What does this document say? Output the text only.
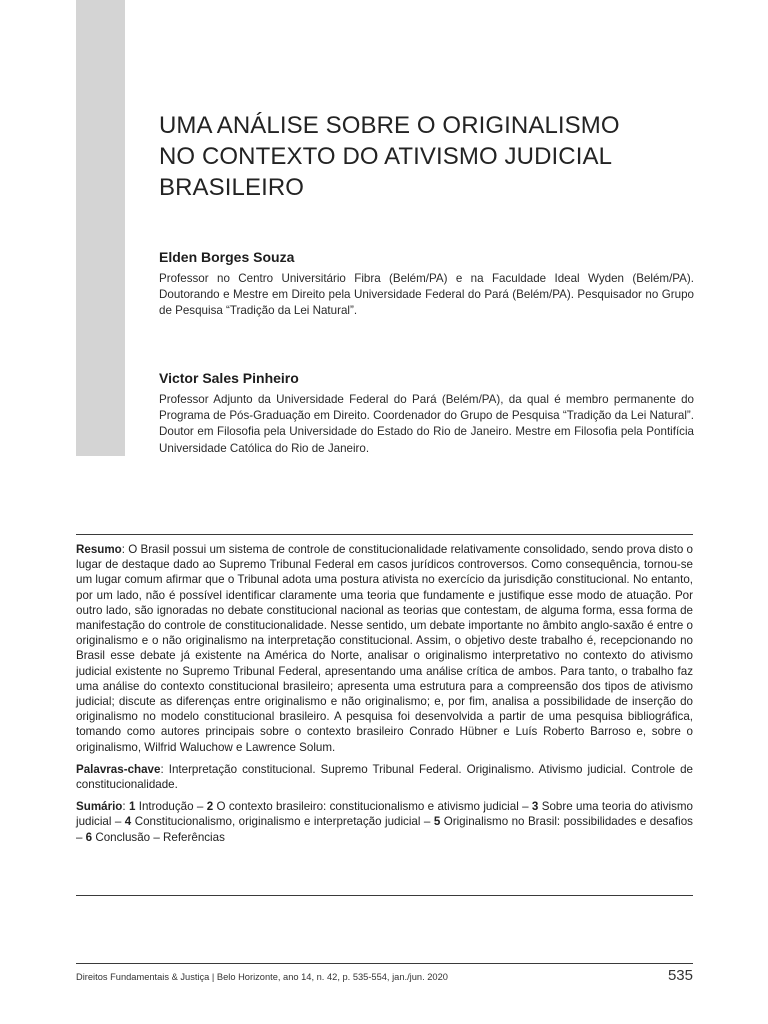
UMA ANÁLISE SOBRE O ORIGINALISMO
NO CONTEXTO DO ATIVISMO JUDICIAL
BRASILEIRO
Elden Borges Souza

Professor no Centro Universitário Fibra (Belém/PA) e na Faculdade Ideal Wyden (Belém/PA). Doutorando e Mestre em Direito pela Universidade Federal do Pará (Belém/PA). Pesquisador no Grupo de Pesquisa “Tradição da Lei Natural”.

Victor Sales Pinheiro

Professor Adjunto da Universidade Federal do Pará (Belém/PA), da qual é membro permanente do Programa de Pós-Graduação em Direito. Coordenador do Grupo de Pesquisa “Tradição da Lei Natural”. Doutor em Filosofia pela Universidade do Estado do Rio de Janeiro. Mestre em Filosofia pela Pontifícia Universidade Católica do Rio de Janeiro.

Resumo: O Brasil possui um sistema de controle de constitucionalidade relativamente consolidado, sendo prova disto o lugar de destaque dado ao Supremo Tribunal Federal em casos jurídicos controversos. Como consequência, tornou-se um lugar comum afirmar que o Tribunal adota uma postura ativista no exercício da jurisdição constitucional. No entanto, por um lado, não é possível identificar claramente uma teoria que fundamente e justifique esse modo de atuação. Por outro lado, são ignoradas no debate constitucional nacional as teorias que contestam, de alguma forma, essa forma de manifestação do controle de constitucionalidade. Nesse sentido, um debate importante no âmbito anglo-saxão é entre o originalismo e o não originalismo na interpretação constitucional. Assim, o objetivo deste trabalho é, recepcionando no Brasil esse debate já existente na América do Norte, analisar o originalismo interpretativo no contexto do ativismo judicial existente no Supremo Tribunal Federal, apresentando uma análise crítica de ambos. Para tanto, o trabalho faz uma análise do contexto constitucional brasileiro; apresenta uma estrutura para a compreensão dos tipos de ativismo judicial; discute as diferenças entre originalismo e não originalismo; e, por fim, analisa a possibilidade de inserção do originalismo no modelo constitucional brasileiro. A pesquisa foi desenvolvida a partir de uma pesquisa bibliográfica, tomando como autores principais sobre o contexto brasileiro Conrado Hübner e Luís Roberto Barroso e, sobre o originalismo, Wilfrid Waluchow e Lawrence Solum.

Palavras-chave: Interpretação constitucional. Supremo Tribunal Federal. Originalismo. Ativismo judicial. Controle de constitucionalidade.

Sumário: 1 Introdução – 2 O contexto brasileiro: constitucionalismo e ativismo judicial – 3 Sobre uma teoria do ativismo judicial – 4 Constitucionalismo, originalismo e interpretação judicial – 5 Originalismo no Brasil: possibilidades e desafios – 6 Conclusão – Referências

Direitos Fundamentais & Justiça | Belo Horizonte, ano 14, n. 42, p. 535-554, jan./jun. 2020	535
